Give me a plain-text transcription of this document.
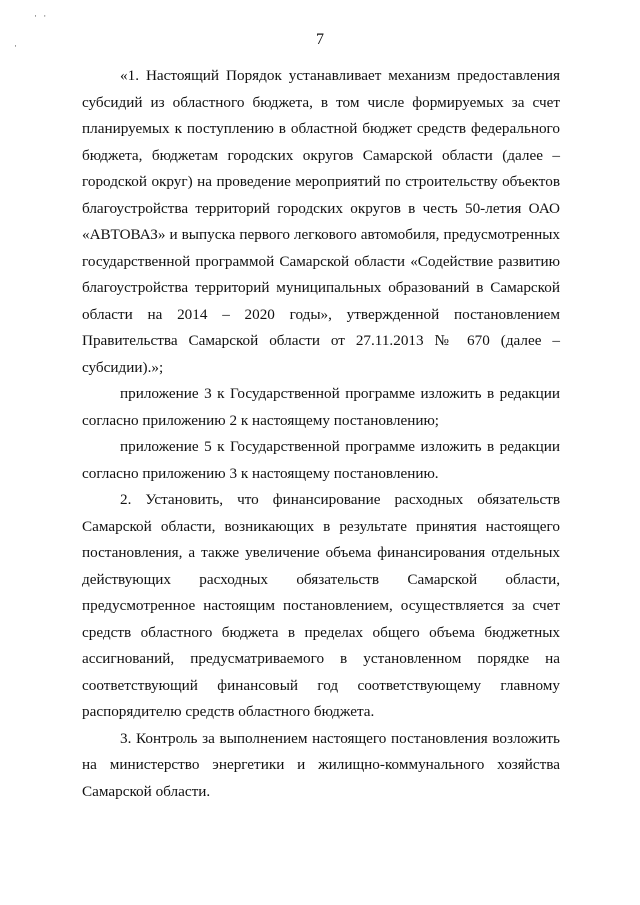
· ·
·	7

«1. Настоящий Порядок устанавливает механизм предоставления субсидий из областного бюджета, в том числе формируемых за счет планируемых к поступлению в областной бюджет средств федерального бюджета, бюджетам городских округов Самарской области (далее – городской округ) на проведение мероприятий по строительству объектов благоустройства территорий городских округов в честь 50-летия ОАО «АВТОВАЗ» и выпуска первого легкового автомобиля, предусмотренных государственной программой Самарской области «Содействие развитию благоустройства территорий муниципальных образований в Самарской области на 2014 – 2020 годы», утвержденной постановлением Правительства Самарской области от 27.11.2013 № 670 (далее – субсидии).»;

приложение 3 к Государственной программе изложить в редакции согласно приложению 2 к настоящему постановлению;

приложение 5 к Государственной программе изложить в редакции согласно приложению 3 к настоящему постановлению.

2. Установить, что финансирование расходных обязательств Самарской области, возникающих в результате принятия настоящего постановления, а также увеличение объема финансирования отдельных действующих расходных обязательств Самарской области, предусмотренное настоящим постановлением, осуществляется за счет средств областного бюджета в пределах общего объема бюджетных ассигнований, предусматриваемого в установленном порядке на соответствующий финансовый год соответствующему главному распорядителю средств областного бюджета.

3. Контроль за выполнением настоящего постановления возложить на министерство энергетики и жилищно-коммунального хозяйства Самарской области.
